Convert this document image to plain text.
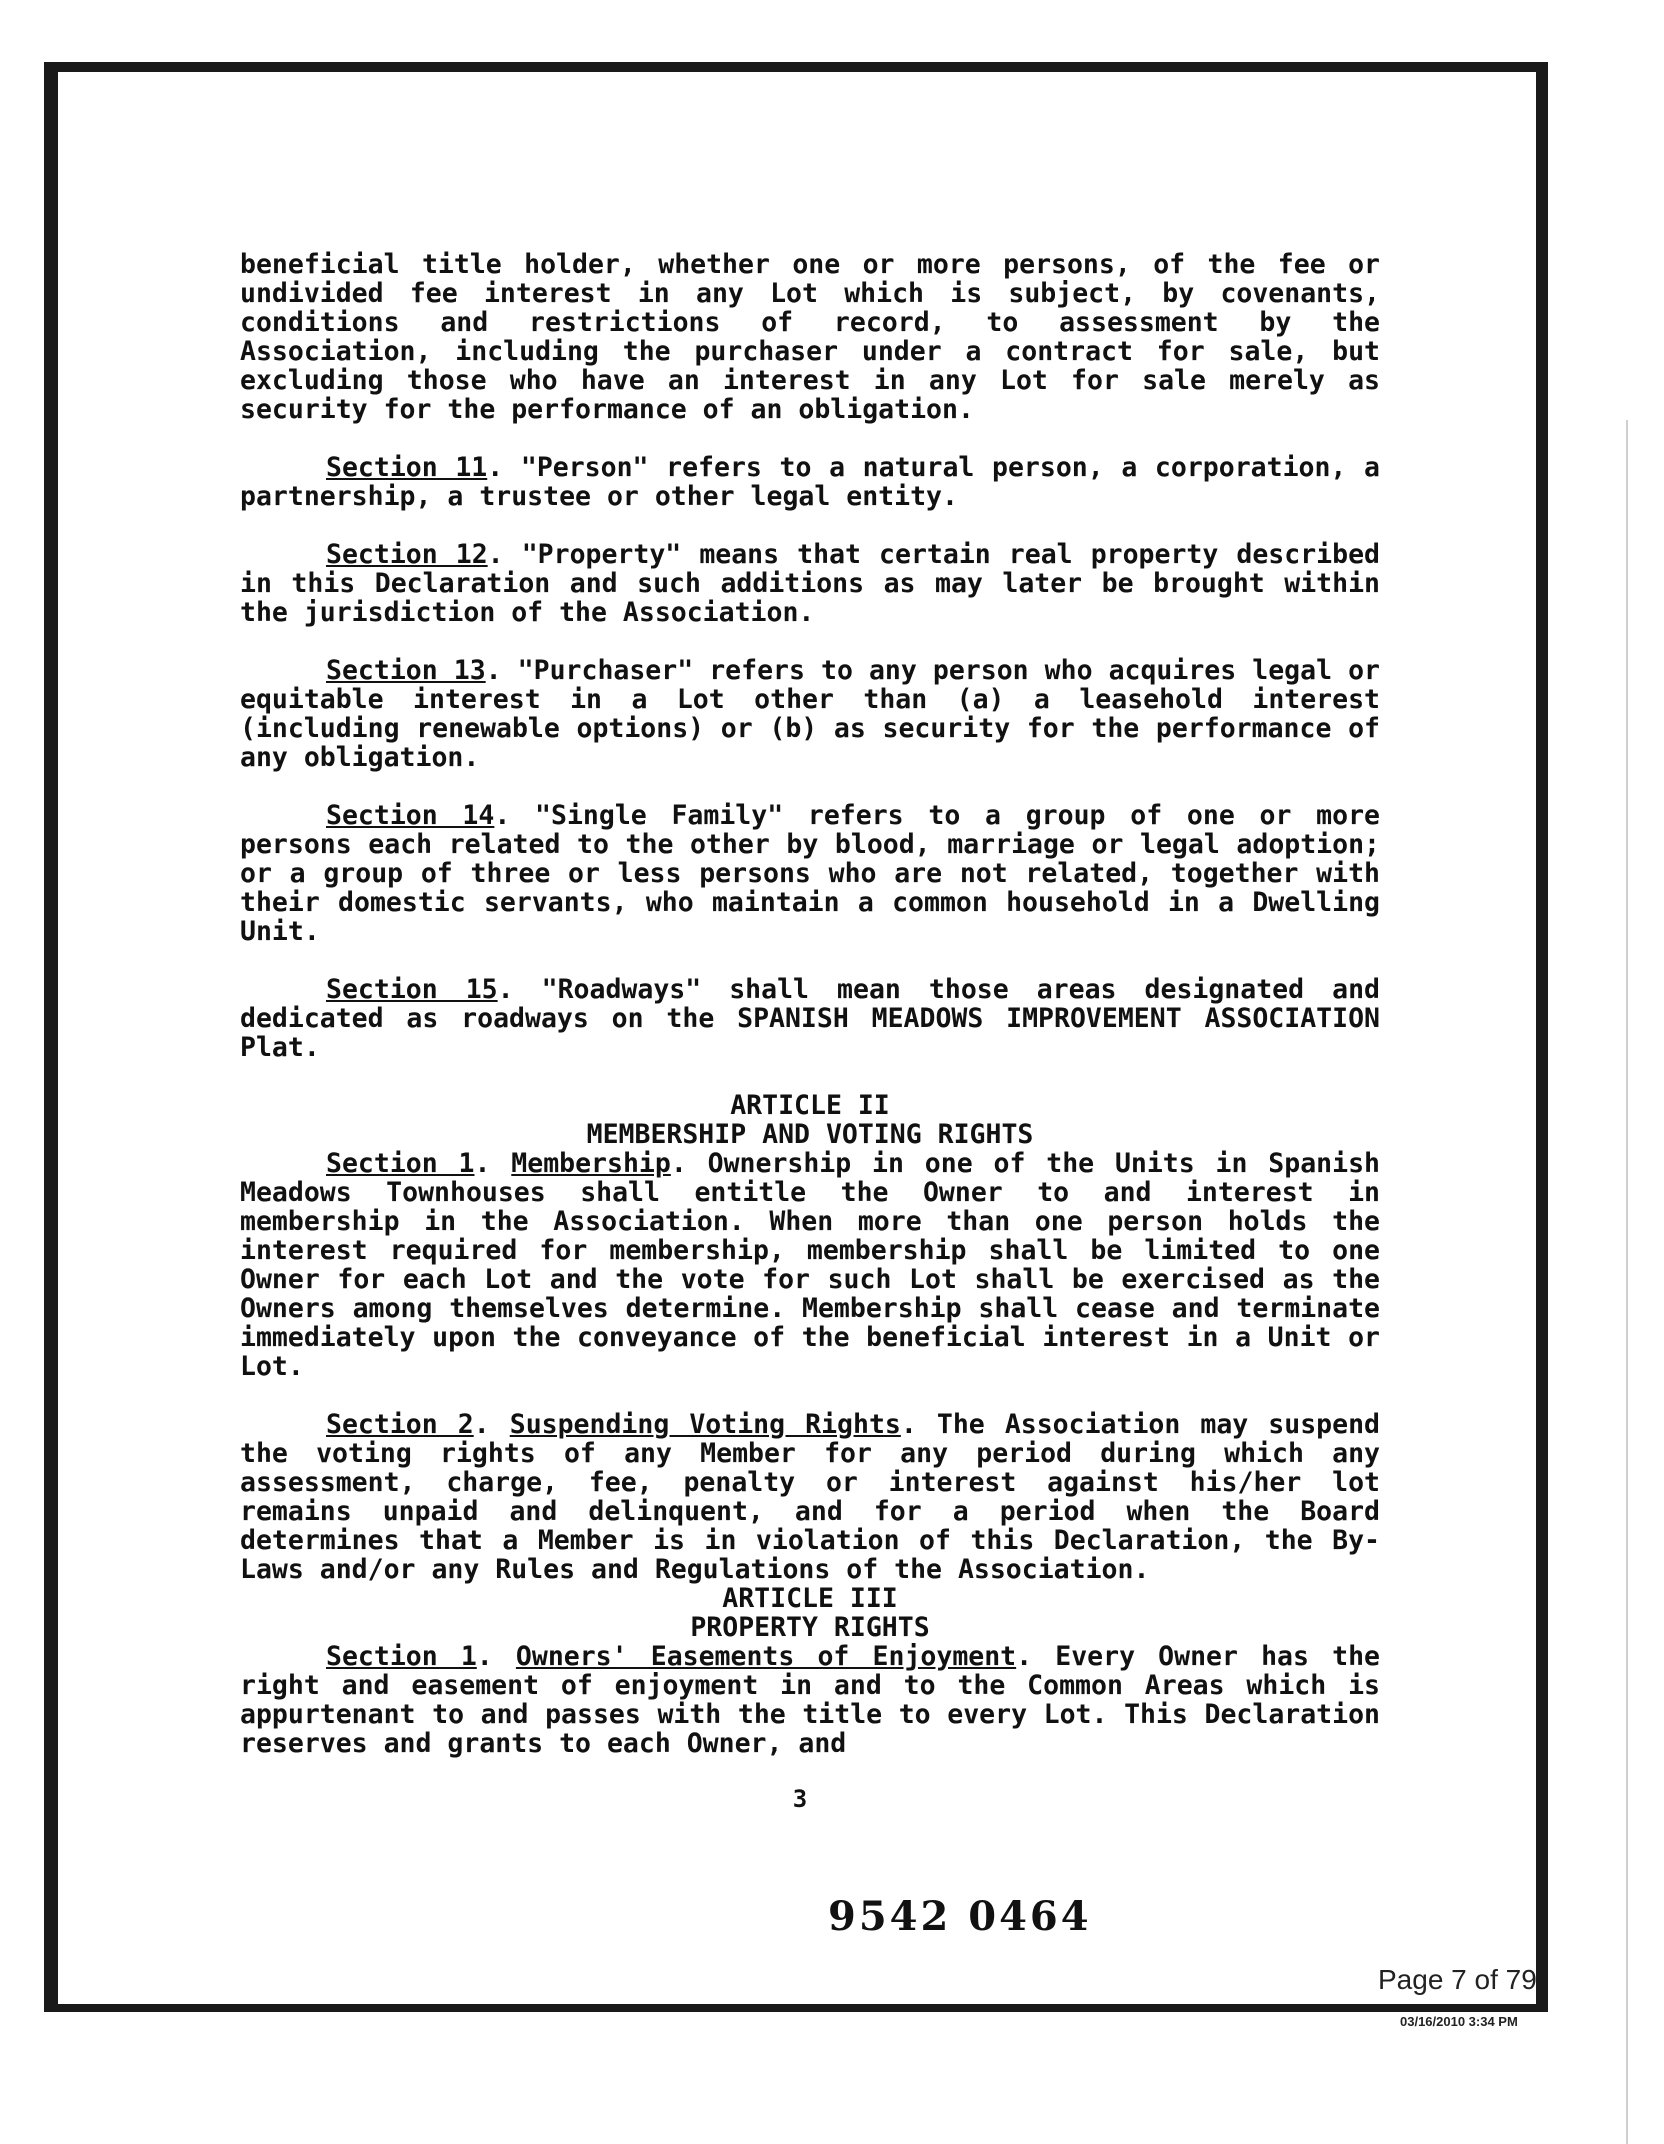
beneficial title holder, whether one or more persons, of the fee or undivided fee interest in any Lot which is subject, by covenants, conditions and restrictions of record, to assessment by the Association, including the purchaser under a contract for sale, but excluding those who have an interest in any Lot for sale merely as security for the performance of an obligation.

Section 11. "Person" refers to a natural person, a corporation, a partnership, a trustee or other legal entity.

Section 12. "Property" means that certain real property described in this Declaration and such additions as may later be brought within the jurisdiction of the Association.

Section 13. "Purchaser" refers to any person who acquires legal or equitable interest in a Lot other than (a) a leasehold interest (including renewable options) or (b) as security for the performance of any obligation.

Section 14. "Single Family" refers to a group of one or more persons each related to the other by blood, marriage or legal adoption; or a group of three or less persons who are not related, together with their domestic servants, who maintain a common household in a Dwelling Unit.

Section 15. "Roadways" shall mean those areas designated and dedicated as roadways on the SPANISH MEADOWS IMPROVEMENT ASSOCIATION Plat.

ARTICLE II
MEMBERSHIP AND VOTING RIGHTS

Section 1. Membership. Ownership in one of the Units in Spanish Meadows Townhouses shall entitle the Owner to and interest in membership in the Association. When more than one person holds the interest required for membership, membership shall be limited to one Owner for each Lot and the vote for such Lot shall be exercised as the Owners among themselves determine. Membership shall cease and terminate immediately upon the conveyance of the beneficial interest in a Unit or Lot.

Section 2. Suspending Voting Rights. The Association may suspend the voting rights of any Member for any period during which any assessment, charge, fee, penalty or interest against his/her lot remains unpaid and delinquent, and for a period when the Board determines that a Member is in violation of this Declaration, the By-Laws and/or any Rules and Regulations of the Association.

ARTICLE III
PROPERTY RIGHTS

Section 1. Owners' Easements of Enjoyment. Every Owner has the right and easement of enjoyment in and to the Common Areas which is appurtenant to and passes with the title to every Lot. This Declaration reserves and grants to each Owner, and

3
9542 0464
Page 7 of 79
03/16/2010 3:34 PM
